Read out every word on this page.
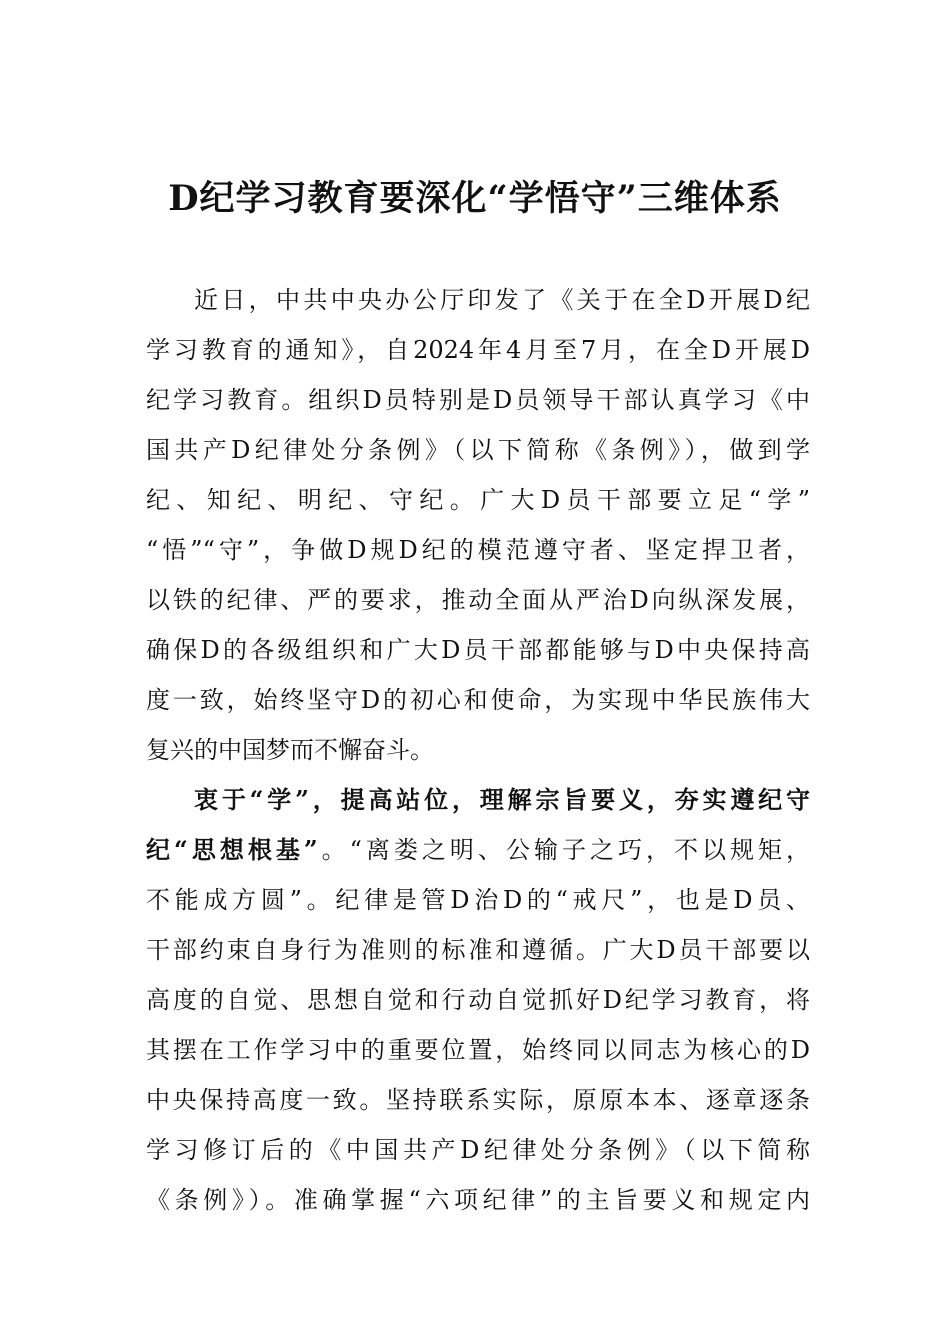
D纪学习教育要深化“学悟守”三维体系
近日，中共中央办公厅印发了《关于在全D开展D纪
学习教育的通知》，自2024年4月至7月，在全D开展D
纪学习教育。组织D员特别是D员领导干部认真学习《中
国共产D纪律处分条例》（以下简称《条例》），做到学
纪、知纪、明纪、守纪。广大D员干部要立足“学”
“悟”“守”，争做D规D纪的模范遵守者、坚定捍卫者，
以铁的纪律、严的要求，推动全面从严治D向纵深发展，
确保D的各级组织和广大D员干部都能够与D中央保持高
度一致，始终坚守D的初心和使命，为实现中华民族伟大
复兴的中国梦而不懈奋斗。
衷于“学”，提高站位，理解宗旨要义，夯实遵纪守
纪“思想根基”。“离娄之明、公输子之巧，不以规矩，
不能成方圆”。纪律是管D治D的“戒尺”，也是D员、
干部约束自身行为准则的标准和遵循。广大D员干部要以
高度的自觉、思想自觉和行动自觉抓好D纪学习教育，将
其摆在工作学习中的重要位置，始终同以同志为核心的D
中央保持高度一致。坚持联系实际，原原本本、逐章逐条
学习修订后的《中国共产D纪律处分条例》（以下简称
《条例》）。准确掌握“六项纪律”的主旨要义和规定内
